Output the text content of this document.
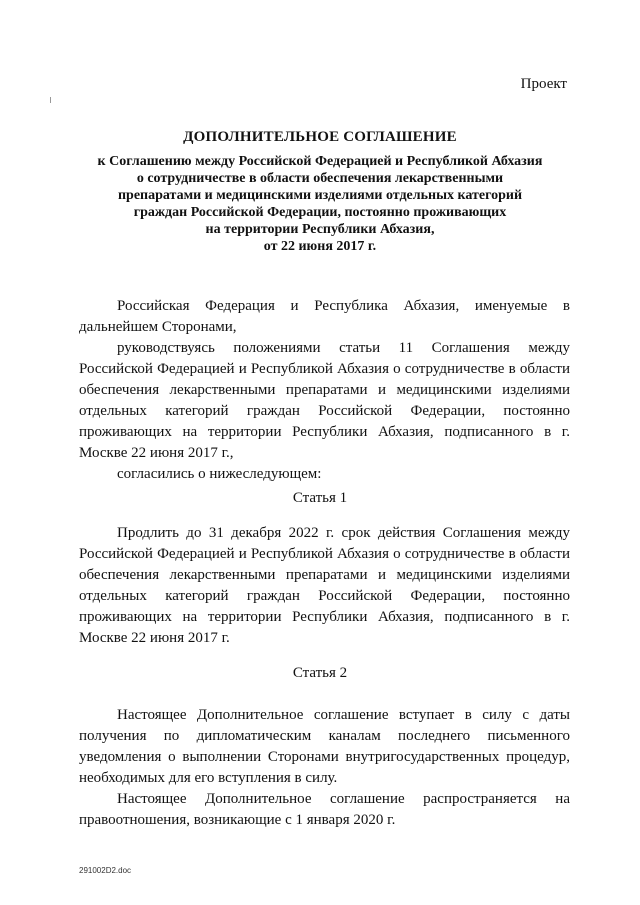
Проект
ДОПОЛНИТЕЛЬНОЕ СОГЛАШЕНИЕ
к Соглашению между Российской Федерацией и Республикой Абхазия
о сотрудничестве в области обеспечения лекарственными
препаратами и медицинскими изделиями отдельных категорий
граждан Российской Федерации, постоянно проживающих
на территории Республики Абхазия,
от 22 июня 2017 г.
Российская Федерация и Республика Абхазия, именуемые в дальнейшем Сторонами,
руководствуясь положениями статьи 11 Соглашения между Российской Федерацией и Республикой Абхазия о сотрудничестве в области обеспечения лекарственными препаратами и медицинскими изделиями отдельных категорий граждан Российской Федерации, постоянно проживающих на территории Республики Абхазия, подписанного в г. Москве 22 июня 2017 г.,
согласились о нижеследующем:
Статья 1
Продлить до 31 декабря 2022 г. срок действия Соглашения между Российской Федерацией и Республикой Абхазия о сотрудничестве в области обеспечения лекарственными препаратами и медицинскими изделиями отдельных категорий граждан Российской Федерации, постоянно проживающих на территории Республики Абхазия, подписанного в г. Москве 22 июня 2017 г.
Статья 2
Настоящее Дополнительное соглашение вступает в силу с даты получения по дипломатическим каналам последнего письменного уведомления о выполнении Сторонами внутригосударственных процедур, необходимых для его вступления в силу.
Настоящее Дополнительное соглашение распространяется на правоотношения, возникающие с 1 января 2020 г.
291002D2.doc
